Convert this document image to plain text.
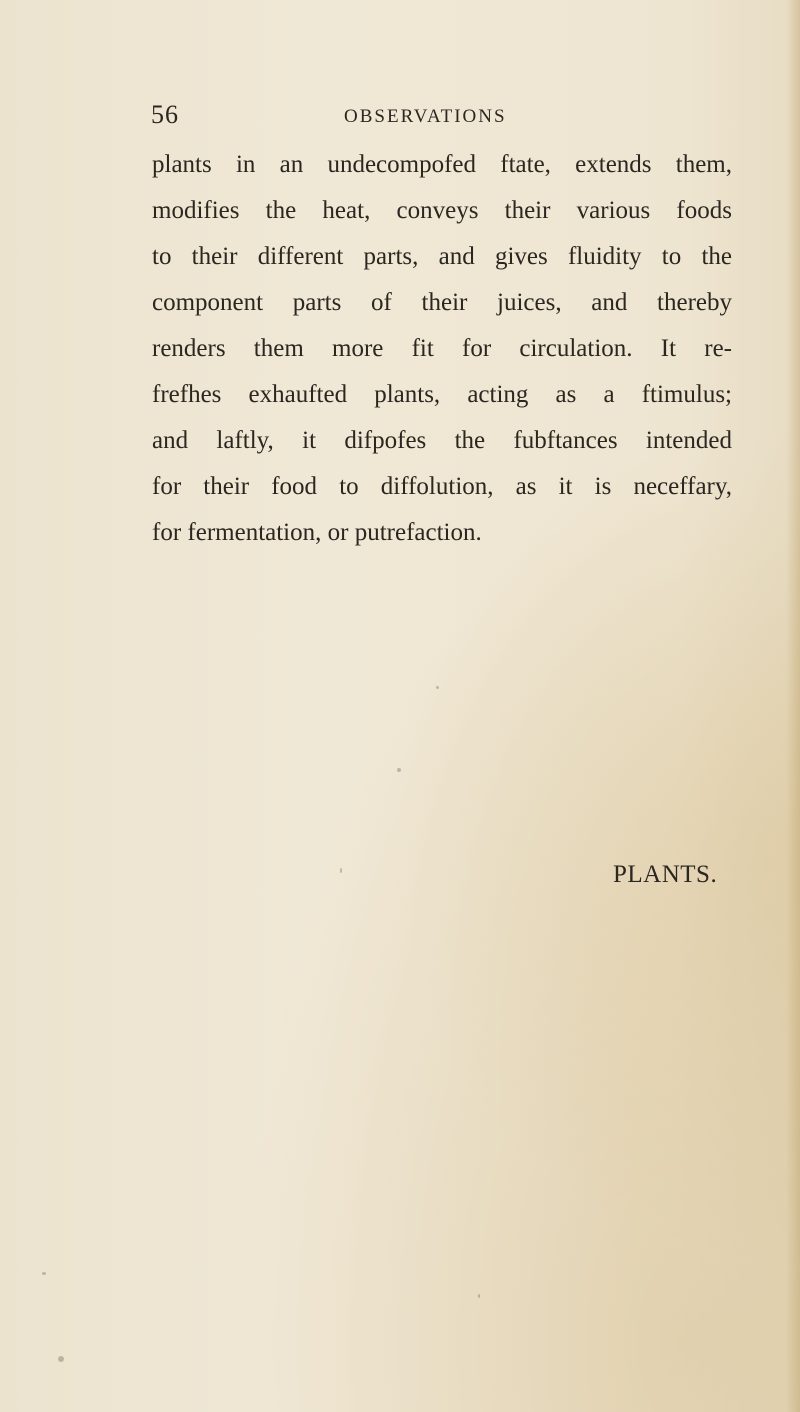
56	OBSERVATIONS
plants in an undecompofed ftate, extends them,
modifies the heat, conveys their various foods
to their different parts, and gives fluidity to the
component parts of their juices, and thereby
renders them more fit for circulation. It re-
frefhes exhaufted plants, acting as a ftimulus;
and laftly, it difpofes the fubftances intended
for their food to diffolution, as it is neceffary,
for fermentation, or putrefaction.
PLANTS.
